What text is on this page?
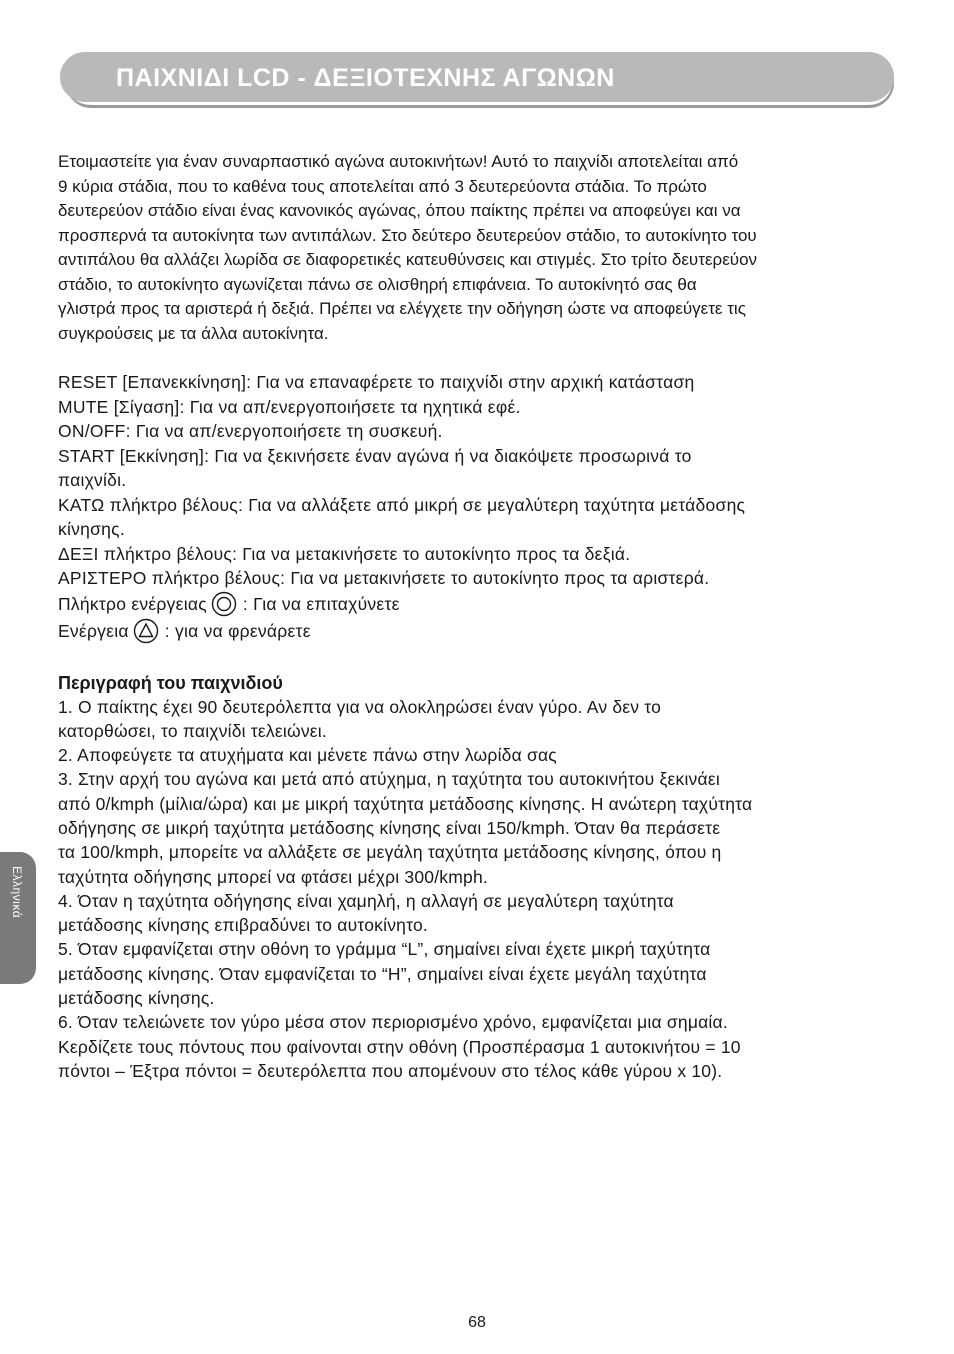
ΠΑΙΧΝΙΔΙ LCD - ΔΕΞΙΟΤΕΧΝΗΣ ΑΓΩΝΩΝ
Ετοιμαστείτε για έναν συναρπαστικό αγώνα αυτοκινήτων! Αυτό το παιχνίδι αποτελείται από
9 κύρια στάδια, που το καθένα τους αποτελείται από 3 δευτερεύοντα στάδια. Το πρώτο
δευτερεύον στάδιο είναι ένας κανονικός αγώνας, όπου παίκτης πρέπει να αποφεύγει και να
προσπερνά τα αυτοκίνητα των αντιπάλων. Στο δεύτερο δευτερεύον στάδιο, το αυτοκίνητο του
αντιπάλου θα αλλάζει λωρίδα σε διαφορετικές κατευθύνσεις και στιγμές. Στο τρίτο δευτερεύον
στάδιο, το αυτοκίνητο αγωνίζεται πάνω σε ολισθηρή επιφάνεια. Το αυτοκίνητό σας θα
γλιστρά προς τα αριστερά ή δεξιά. Πρέπει να ελέγχετε την οδήγηση ώστε να αποφεύγετε τις
συγκρούσεις με τα άλλα αυτοκίνητα.

RESET [Επανεκκίνηση]: Για να επαναφέρετε το παιχνίδι στην αρχική κατάσταση

MUTE [Σίγαση]: Για να απ/ενεργοποιήσετε τα ηχητικά εφέ.

ON/OFF: Για να απ/ενεργοποιήσετε τη συσκευή.

START [Εκκίνηση]: Για να ξεκινήσετε έναν αγώνα ή να διακόψετε προσωρινά το
παιχνίδι.

ΚΑΤΩ πλήκτρο βέλους: Για να αλλάξετε από μικρή σε μεγαλύτερη ταχύτητα μετάδοσης
κίνησης.

ΔΕΞΙ πλήκτρο βέλους: Για να μετακινήσετε το αυτοκίνητο προς τα δεξιά.

ΑΡΙΣΤΕΡΟ πλήκτρο βέλους: Για να μετακινήσετε το αυτοκίνητο προς τα αριστερά.

Πλήκτρο ενέργειας : Για να επιταχύνετε

Ενέργεια : για να φρενάρετε

Περιγραφή του παιχνιδιού

1. Ο παίκτης έχει 90 δευτερόλεπτα για να ολοκληρώσει έναν γύρο. Αν δεν το

κατορθώσει, το παιχνίδι τελειώνει.

2. Αποφεύγετε τα ατυχήματα και μένετε πάνω στην λωρίδα σας

3. Στην αρχή του αγώνα και μετά από ατύχημα, η ταχύτητα του αυτοκινήτου ξεκινάει

από 0/kmph (μίλια/ώρα) και με μικρή ταχύτητα μετάδοσης κίνησης. Η ανώτερη ταχύτητα

οδήγησης σε μικρή ταχύτητα μετάδοσης κίνησης είναι 150/kmph. Όταν θα περάσετε

τα 100/kmph, μπορείτε να αλλάξετε σε μεγάλη ταχύτητα μετάδοσης κίνησης, όπου η

ταχύτητα οδήγησης μπορεί να φτάσει μέχρι 300/kmph.

4. Όταν η ταχύτητα οδήγησης είναι χαμηλή, η αλλαγή σε μεγαλύτερη ταχύτητα

μετάδοσης κίνησης επιβραδύνει το αυτοκίνητο.

5. Όταν εμφανίζεται στην οθόνη το γράμμα “L”, σημαίνει είναι έχετε μικρή ταχύτητα

μετάδοσης κίνησης. Όταν εμφανίζεται το “H”, σημαίνει είναι έχετε μεγάλη ταχύτητα

μετάδοσης κίνησης.

6. Όταν τελειώνετε τον γύρο μέσα στον περιορισμένο χρόνο, εμφανίζεται μια σημαία.

Κερδίζετε τους πόντους που φαίνονται στην οθόνη (Προσπέρασμα 1 αυτοκινήτου = 10

πόντοι – Έξτρα πόντοι = δευτερόλεπτα που απομένουν στο τέλος κάθε γύρου x 10).

Ελληνικά
68
